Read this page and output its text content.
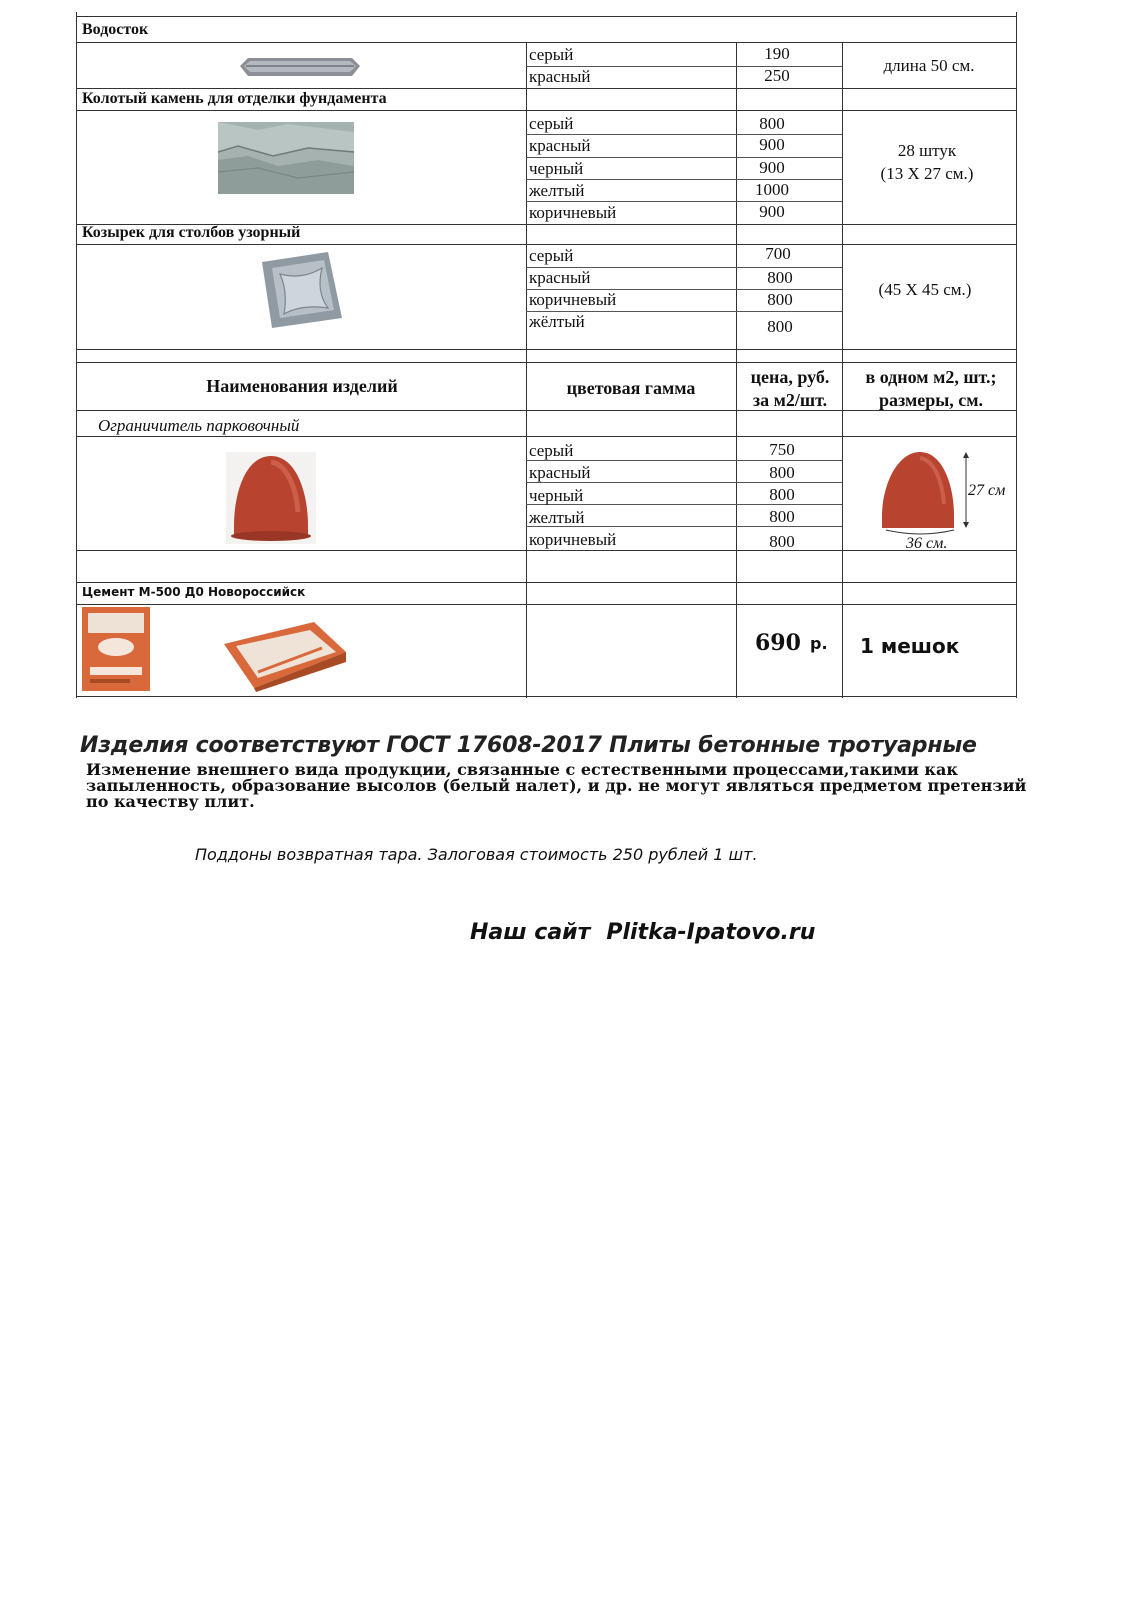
Водосток
серый
красный
190
250
длина 50 см.
Колотый камень для отделки фундамента
серый
красный
черный
желтый
коричневый
800
900
900
1000
900
28 штук
(13 Х 27 см.)
Козырек для столбов узорный
серый
красный
коричневый
жёлтый
700
800
800
800
(45 Х 45 см.)
Наименования изделий	цветовая гамма
цена, руб.
за м2/шт.
в одном м2, шт.;
размеры, см.
Ограничитель парковочный
серый
красный
черный
желтый
коричневый
750
800
800
800
800
27 см
36 см.
Цемент М-500 Д0 Новороссийск
690 р. 1 мешок
Изделия соответствуют ГОСТ 17608-2017 Плиты бетонные тротуарные
Изменение внешнего вида продукции, связанные с естественными процессами,такими как запыленность, образование высолов (белый налет), и др. не могут являться предметом претензий по качеству плит.
Поддоны возвратная тара. Залоговая стоимость 250 рублей 1 шт.
Наш сайт Plitka-Ipatovo.ru
